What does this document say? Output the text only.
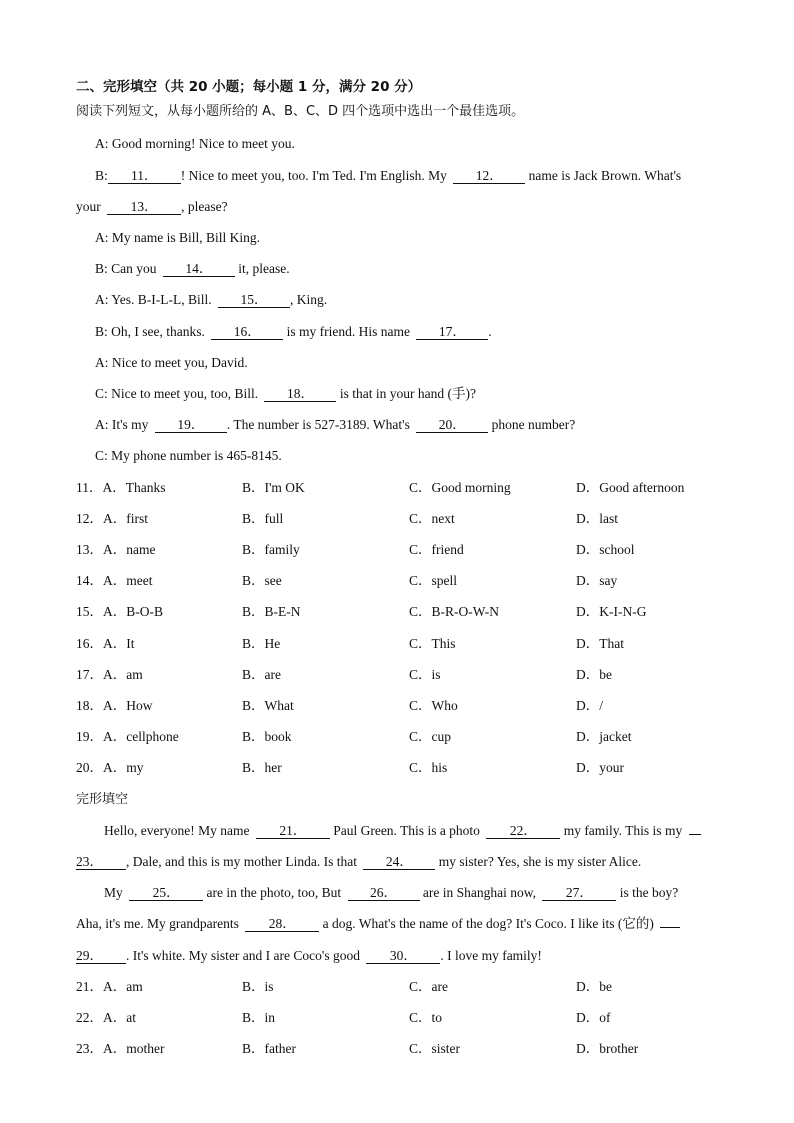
二、完形填空（共 20 小题；每小题 1 分，满分 20 分）
阅读下列短文，从每小题所给的 A、B、C、D 四个选项中选出一个最佳选项。
A: Good morning! Nice to meet you.
B: 11． ! Nice to meet you, too. I'm Ted. I'm English. My 12． name is Jack Brown. What's
your 13． , please?
A: My name is Bill, Bill King.
B: Can you 14． it, please.
A: Yes. B-I-L-L, Bill. 15． , King.
B: Oh, I see, thanks. 16． is my friend. His name 17． .
A: Nice to meet you, David.
C: Nice to meet you, too, Bill. 18． is that in your hand (手)?
A: It's my 19． . The number is 527-3189. What's 20． phone number?
C: My phone number is 465-8145.
11．A．Thanks	B．I'm OK	C．Good morning	D．Good afternoon
12．A．first	B．full	C．next	D．last
13．A．name	B．family	C．friend	D．school
14．A．meet	B．see	C．spell	D．say
15．A．B-O-B	B．B-E-N	C．B-R-O-W-N	D．K-I-N-G
16．A．It	B．He	C．This	D．That
17．A．am	B．are	C．is	D．be
18．A．How	B．What	C．Who	D．/
19．A．cellphone	B．book	C．cup	D．jacket
20．A．my	B．her	C．his	D．your
完形填空
Hello, everyone! My name 21． Paul Green. This is a photo 22． my family. This is my
23． , Dale, and this is my mother Linda. Is that 24． my sister? Yes, she is my sister Alice.
My 25． are in the photo, too, But 26． are in Shanghai now, 27． is the boy?
Aha, it's me. My grandparents 28． a dog. What's the name of the dog? It's Coco. I like its (它的)
29． . It's white. My sister and I are Coco's good 30． . I love my family!
21．A．am	B．is	C．are	D．be
22．A．at	B．in	C．to	D．of
23．A．mother	B．father	C．sister	D．brother
